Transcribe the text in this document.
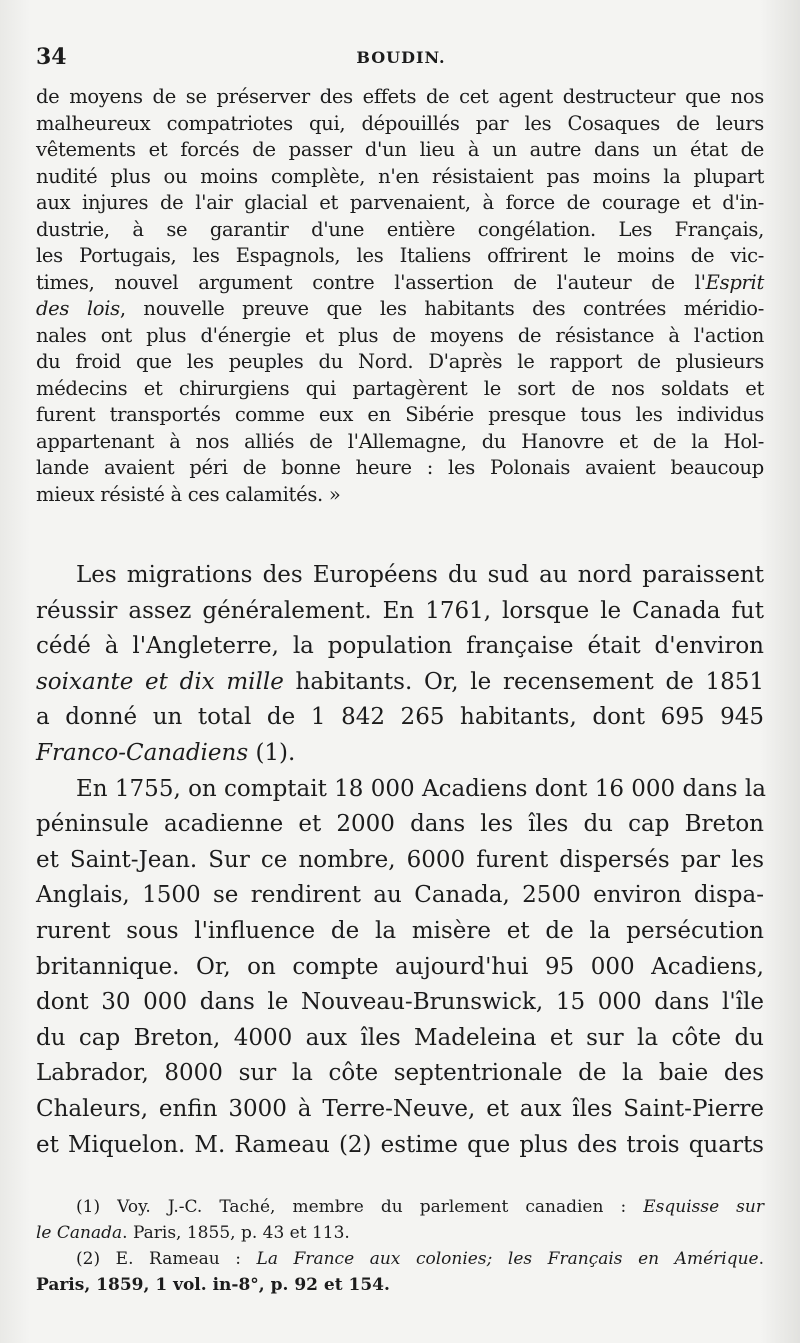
34	BOUDIN.
de moyens de se préserver des effets de cet agent destructeur que nos
malheureux compatriotes qui, dépouillés par les Cosaques de leurs
vêtements et forcés de passer d'un lieu à un autre dans un état de
nudité plus ou moins complète, n'en résistaient pas moins la plupart
aux injures de l'air glacial et parvenaient, à force de courage et d'in-
dustrie, à se garantir d'une entière congélation. Les Français,
les Portugais, les Espagnols, les Italiens offrirent le moins de vic-
times, nouvel argument contre l'assertion de l'auteur de l'Esprit
des lois, nouvelle preuve que les habitants des contrées méridio-
nales ont plus d'énergie et plus de moyens de résistance à l'action
du froid que les peuples du Nord. D'après le rapport de plusieurs
médecins et chirurgiens qui partagèrent le sort de nos soldats et
furent transportés comme eux en Sibérie presque tous les individus
appartenant à nos alliés de l'Allemagne, du Hanovre et de la Hol-
lande avaient péri de bonne heure : les Polonais avaient beaucoup
mieux résisté à ces calamités. »
Les migrations des Européens du sud au nord paraissent
réussir assez généralement. En 1761, lorsque le Canada fut
cédé à l'Angleterre, la population française était d'environ
soixante et dix mille habitants. Or, le recensement de 1851
a donné un total de 1 842 265 habitants, dont 695 945
Franco-Canadiens (1).
En 1755, on comptait 18 000 Acadiens dont 16 000 dans la
péninsule acadienne et 2000 dans les îles du cap Breton
et Saint-Jean. Sur ce nombre, 6000 furent dispersés par les
Anglais, 1500 se rendirent au Canada, 2500 environ dispa-
rurent sous l'influence de la misère et de la persécution
britannique. Or, on compte aujourd'hui 95 000 Acadiens,
dont 30 000 dans le Nouveau-Brunswick, 15 000 dans l'île
du cap Breton, 4000 aux îles Madeleina et sur la côte du
Labrador, 8000 sur la côte septentrionale de la baie des
Chaleurs, enfin 3000 à Terre-Neuve, et aux îles Saint-Pierre
et Miquelon. M. Rameau (2) estime que plus des trois quarts
(1) Voy. J.-C. Taché, membre du parlement canadien : Esquisse sur
le Canada. Paris, 1855, p. 43 et 113.
(2) E. Rameau : La France aux colonies; les Français en Amérique.
Paris, 1859, 1 vol. in-8°, p. 92 et 154.
